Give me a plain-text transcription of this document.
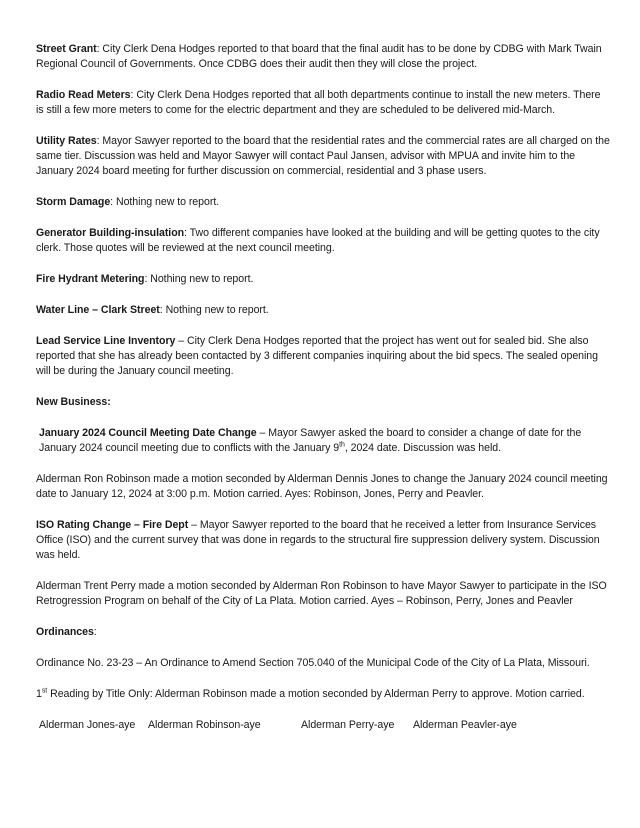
Street Grant: City Clerk Dena Hodges reported to that board that the final audit has to be done by CDBG with Mark Twain Regional Council of Governments. Once CDBG does their audit then they will close the project.

Radio Read Meters: City Clerk Dena Hodges reported that all both departments continue to install the new meters. There is still a few more meters to come for the electric department and they are scheduled to be delivered mid-March.

Utility Rates: Mayor Sawyer reported to the board that the residential rates and the commercial rates are all charged on the same tier. Discussion was held and Mayor Sawyer will contact Paul Jansen, advisor with MPUA and invite him to the January 2024 board meeting for further discussion on commercial, residential and 3 phase users.

Storm Damage: Nothing new to report.

Generator Building-insulation: Two different companies have looked at the building and will be getting quotes to the city clerk. Those quotes will be reviewed at the next council meeting.

Fire Hydrant Metering: Nothing new to report.

Water Line – Clark Street: Nothing new to report.

Lead Service Line Inventory – City Clerk Dena Hodges reported that the project has went out for sealed bid. She also reported that she has already been contacted by 3 different companies inquiring about the bid specs. The sealed opening will be during the January council meeting.

New Business:

January 2024 Council Meeting Date Change – Mayor Sawyer asked the board to consider a change of date for the January 2024 council meeting due to conflicts with the January 9th, 2024 date. Discussion was held.

Alderman Ron Robinson made a motion seconded by Alderman Dennis Jones to change the January 2024 council meeting date to January 12, 2024 at 3:00 p.m. Motion carried. Ayes: Robinson, Jones, Perry and Peavler.

ISO Rating Change – Fire Dept – Mayor Sawyer reported to the board that he received a letter from Insurance Services Office (ISO) and the current survey that was done in regards to the structural fire suppression delivery system. Discussion was held.

Alderman Trent Perry made a motion seconded by Alderman Ron Robinson to have Mayor Sawyer to participate in the ISO Retrogression Program on behalf of the City of La Plata. Motion carried. Ayes – Robinson, Perry, Jones and Peavler

Ordinances:

Ordinance No. 23-23 – An Ordinance to Amend Section 705.040 of the Municipal Code of the City of La Plata, Missouri.

1st Reading by Title Only: Alderman Robinson made a motion seconded by Alderman Perry to approve. Motion carried.

Alderman Jones-aye	Alderman Robinson-aye	Alderman Perry-aye	Alderman Peavler-aye
